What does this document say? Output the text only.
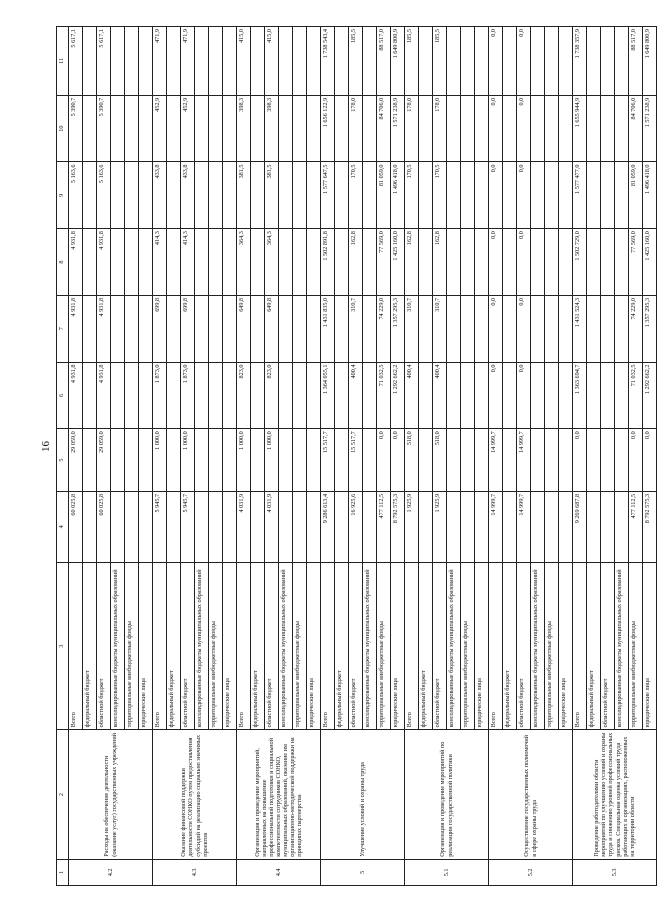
16
1	2	3	4	5	6	7	8	9	10	11
4.2	Расходы на обеспечение деятельности (оказание услуг) государственных учреждений	Всего	60 025,8	29 059,0	4 931,8	4 931,8	4 931,8	5 163,6	5 390,7	5 617,1
		федеральный бюджет								
		областной бюджет	60 025,8	29 059,0	4 931,8	4 931,8	4 931,8	5 163,6	5 390,7	5 617,1
		консолидированные бюджеты муниципальных образований								
		территориальные внебюджетные фонды								
		юридические лица								
4.3	Оказание финансовой поддержки деятельности СОНКО путем предоставления субсидий на реализацию социально значимых проектов	Всего	5 945,7	1 000,0	1 873,0	699,8	414,3	433,8	452,9	471,9
		федеральный бюджет								
		областной бюджет	5 945,7	1 000,0	1 873,0	699,8	414,3	433,8	452,9	471,9
		консолидированные бюджеты муниципальных образований								
		территориальные внебюджетные фонды								
		юридические лица								
4.4	Организация и проведение мероприятий, направленных на повышение профессиональной подготовки и социальной компетентности сотрудников СОНКО, муниципальных образований, оказание им организационно-методической поддержки на принципах партнерства	Всего	4 031,9	1 000,0	823,0	649,8	364,3	381,5	398,3	415,0
		федеральный бюджет								
		областной бюджет	4 031,9	1 000,0	823,0	649,8	364,3	381,5	398,3	415,0
		консолидированные бюджеты муниципальных образований								
		территориальные внебюджетные фонды								
		юридические лица								
5	Улучшение условий и охраны труда	Всего	9 286 613,4	15 517,7	1 364 055,1	1 431 835,0	1 502 891,8	1 577 647,5	1 656 122,9	1 738 543,4
		федеральный бюджет								
		областной бюджет	16 925,6	15 517,7	400,4	310,7	162,8	170,5	178,0	185,5
		консолидированные бюджеты муниципальных образований								
		территориальные внебюджетные фонды	477 112,5	0,0	71 032,5	74 229,0	77 569,0	81 059,0	84 706,0	88 517,0
		юридические лица	8 792 575,3	0,0	1 292 662,2	1 357 295,3	1 425 160,0	1 496 418,0	1 571 238,9	1 649 800,9
5.1	Организация и проведение мероприятий по реализации государственной политики	Всего	1 925,9	518,0	400,4	310,7	162,8	170,5	178,0	185,5
		федеральный бюджет								
		областной бюджет	1 925,9	518,0	400,4	310,7	162,8	170,5	178,0	185,5
		консолидированные бюджеты муниципальных образований								
		территориальные внебюджетные фонды								
		юридические лица								
5.2	Осуществление государственных полномочий в сфере охраны труда	Всего	14 999,7	14 999,7	0,0	0,0	0,0	0,0	0,0	0,0
		федеральный бюджет								
		областной бюджет	14 999,7	14 999,7	0,0	0,0	0,0	0,0	0,0	0,0
		консолидированные бюджеты муниципальных образований								
		территориальные внебюджетные фонды								
		юридические лица								
5.3	Проведение работодателями области мероприятий по улучшению условий и охраны труда и снижению уровней профессиональных рисков. Специальная оценка условий труда работающих в организациях, расположенных на территории области	Всего	9 269 687,8	0,0	1 363 694,7	1 431 524,3	1 502 729,0	1 577 477,0	1 655 944,9	1 738 357,9
		федеральный бюджет								
		областной бюджет								
		консолидированные бюджеты муниципальных образований								
		территориальные внебюджетные фонды	477 112,5	0,0	71 032,5	74 229,0	77 569,0	81 059,0	84 706,0	88 517,0
		юридические лица	8 792 575,3	0,0	1 292 662,2	1 357 295,3	1 425 160,0	1 496 418,0	1 571 238,9	1 649 800,9
